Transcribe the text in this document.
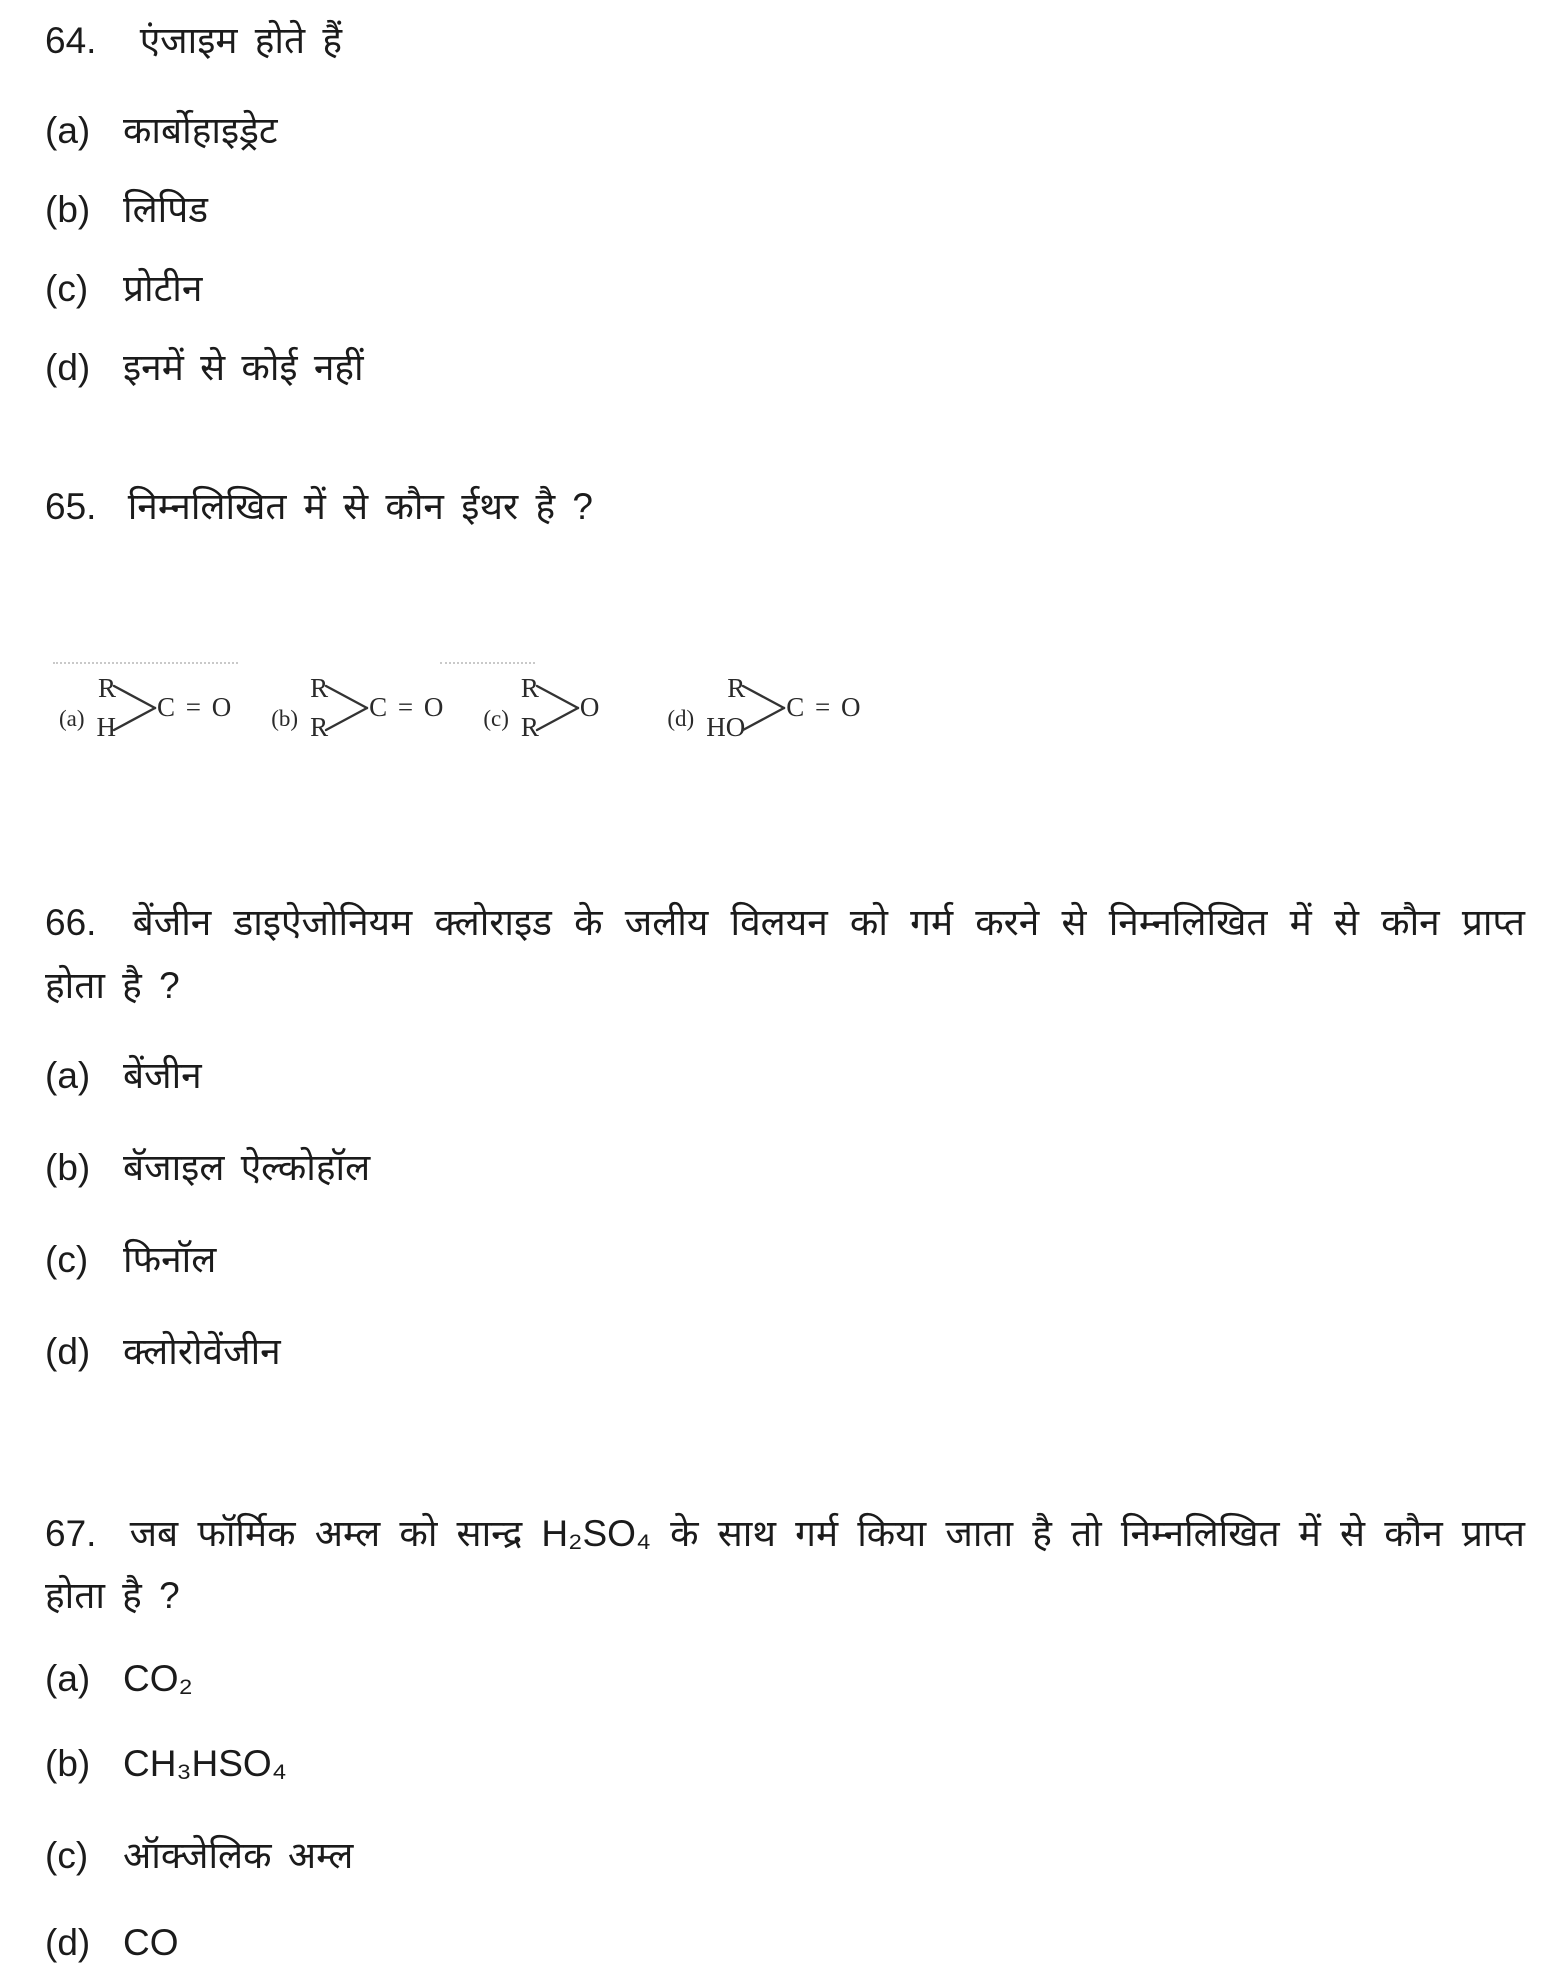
64. एंजाइम होते हैं

(a) कार्बोहाइड्रेट
(b) लिपिड
(c) प्रोटीन
(d) इनमें से कोई नहीं

65. निम्नलिखित में से कौन ईथर है ?

(a)
R
H
C = O (b)
R
R
C = O (c)
R
R
O	(d)
R
HO
C = O

66. बेंजीन डाइऐजोनियम क्लोराइड के जलीय विलयन को गर्म करने से निम्नलिखित में से कौन प्राप्त होता है ?

(a) बेंजीन
(b) बॅजाइल ऐल्कोहॉल
(c) फिनॉल
(d) क्लोरोवेंजीन

67. जब फॉर्मिक अम्ल को सान्द्र H₂SO₄ के साथ गर्म किया जाता है तो निम्नलिखित में से कौन प्राप्त होता है ?

(a) CO₂
(b) CH₃HSO₄
(c) ऑक्जेलिक अम्ल
(d) CO
